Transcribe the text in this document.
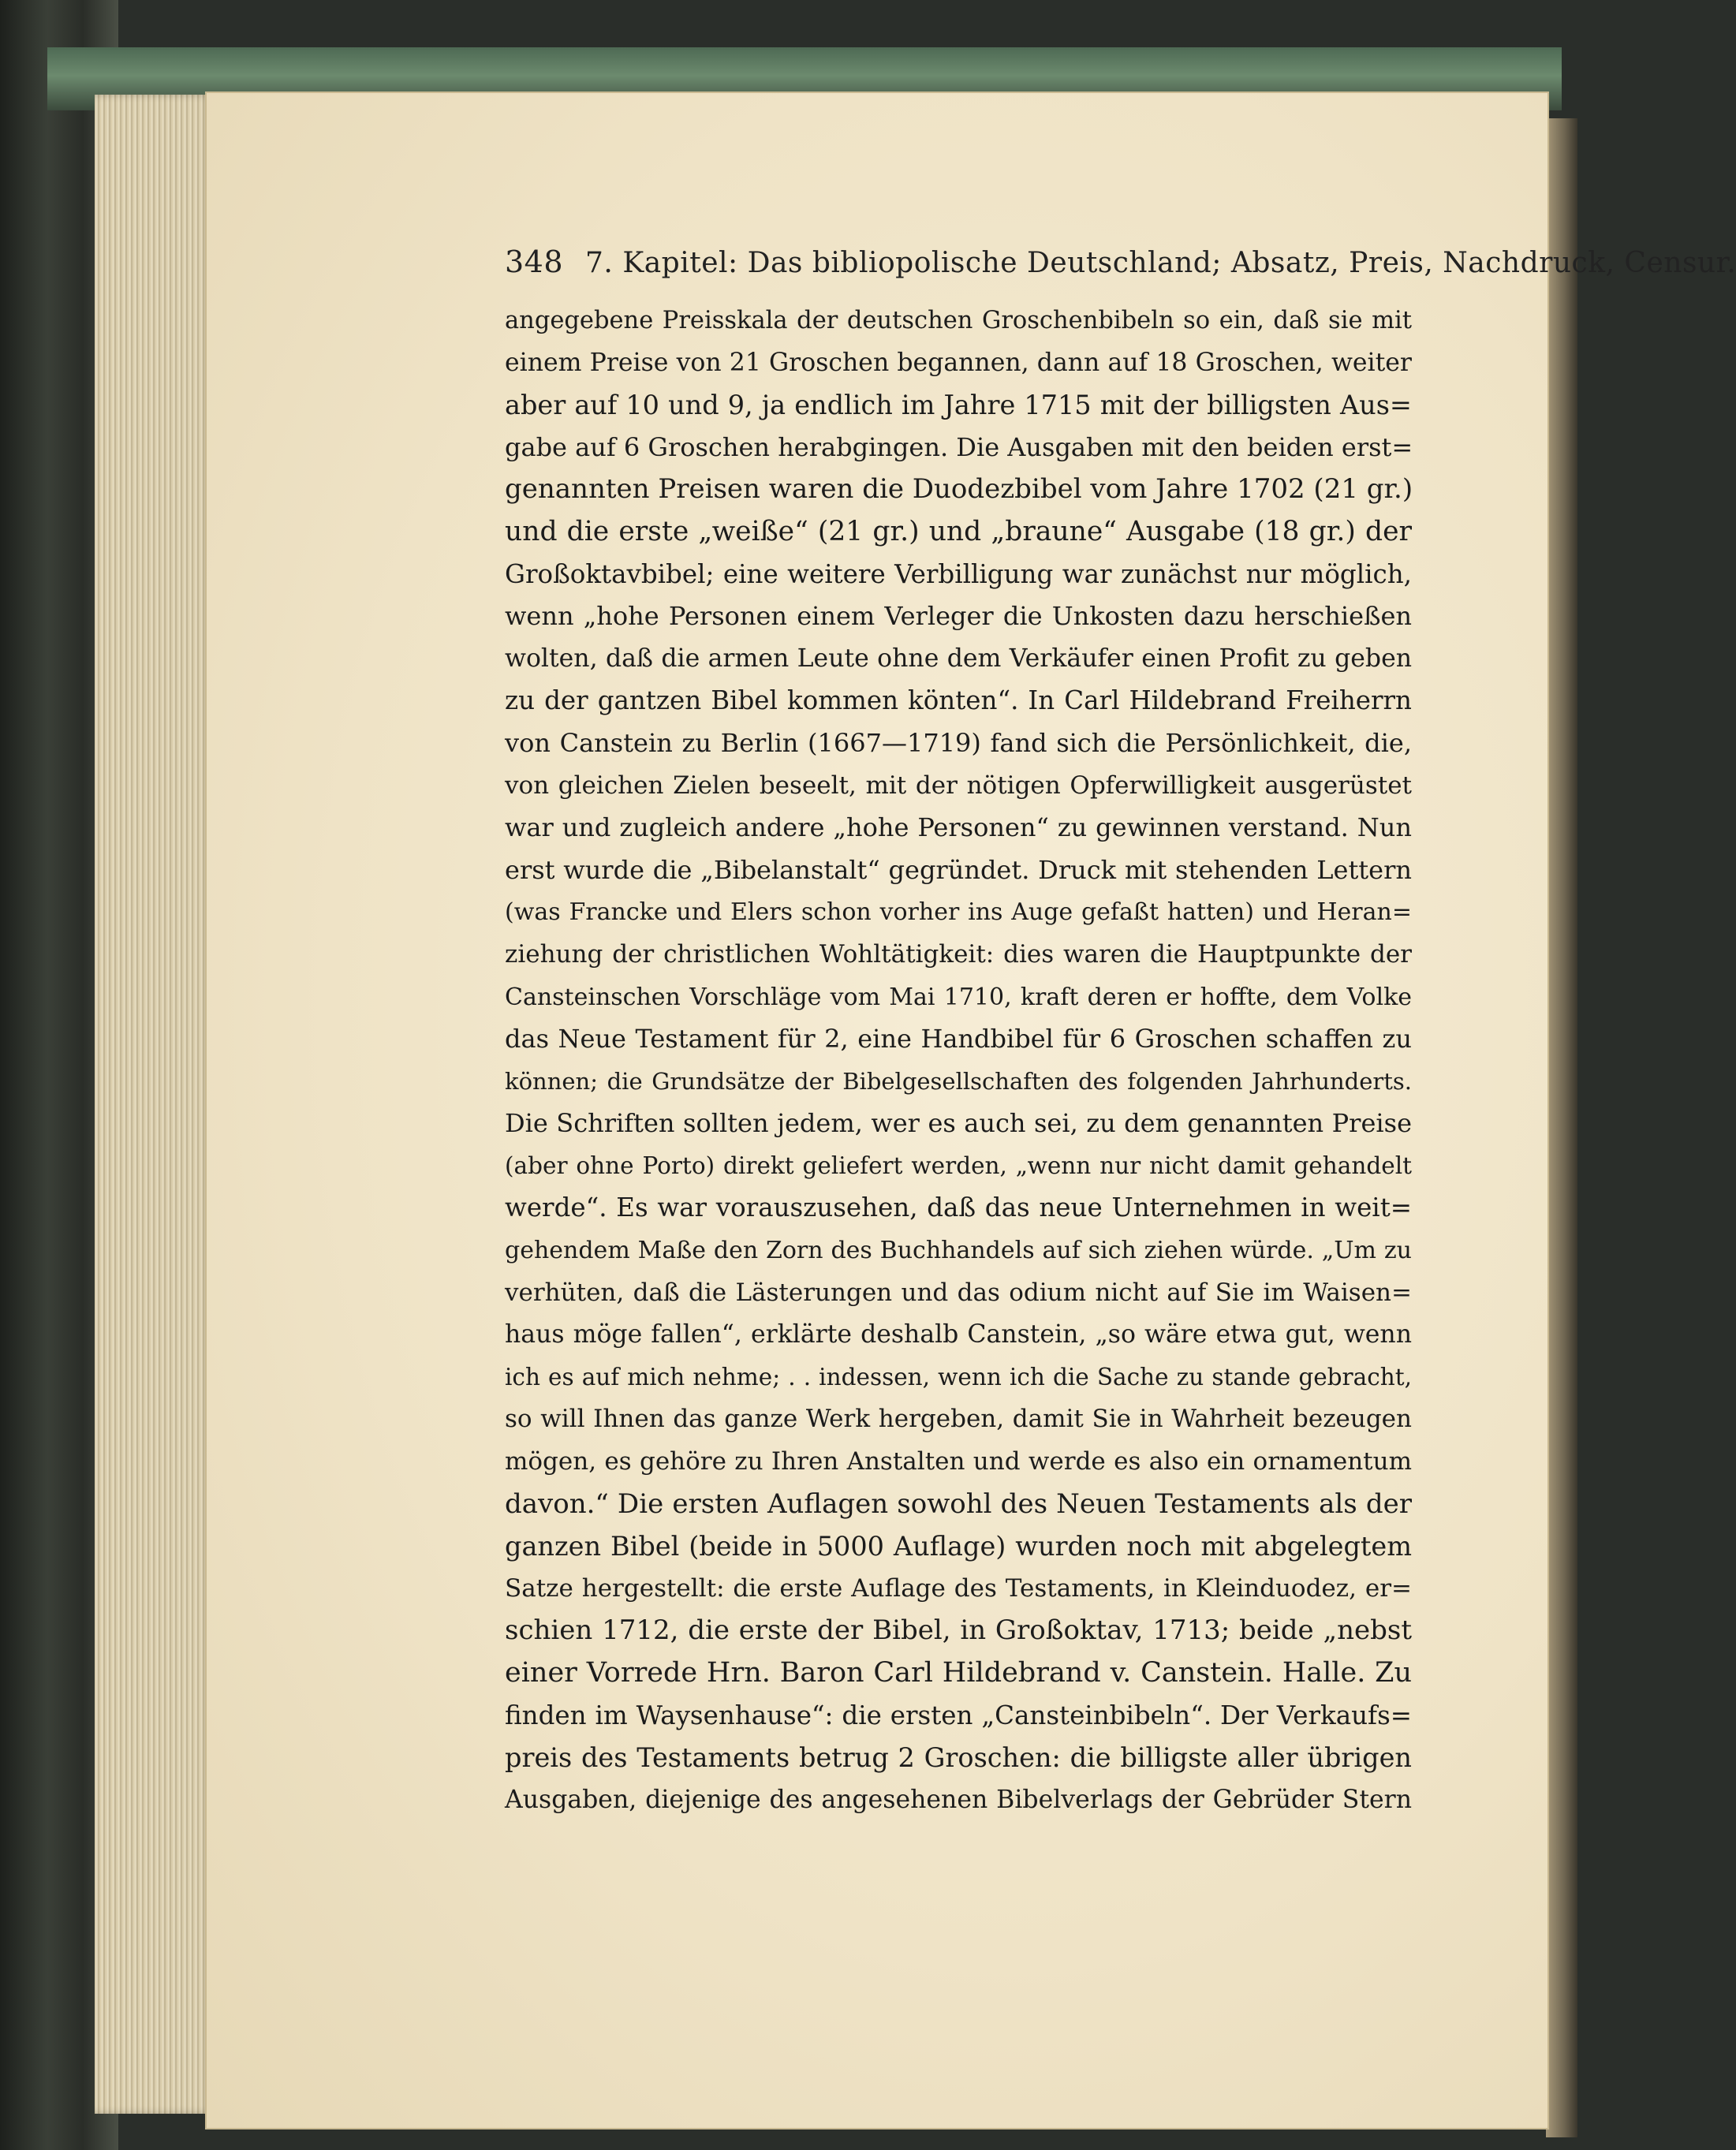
348 7. Kapitel: Das bibliopolische Deutschland; Absatz, Preis, Nachdruck, Censur.
angegebene Preisskala der deutschen Groschenbibeln so ein, daß sie mit
einem Preise von 21 Groschen begannen, dann auf 18 Groschen, weiter
aber auf 10 und 9, ja endlich im Jahre 1715 mit der billigsten Aus=
gabe auf 6 Groschen herabgingen. Die Ausgaben mit den beiden erst=
genannten Preisen waren die Duodezbibel vom Jahre 1702 (21 gr.)
und die erste „weiße“ (21 gr.) und „braune“ Ausgabe (18 gr.) der
Großoktavbibel; eine weitere Verbilligung war zunächst nur möglich,
wenn „hohe Personen einem Verleger die Unkosten dazu herschießen
wolten, daß die armen Leute ohne dem Verkäufer einen Profit zu geben
zu der gantzen Bibel kommen könten“. In Carl Hildebrand Freiherrn
von Canstein zu Berlin (1667—1719) fand sich die Persönlichkeit, die,
von gleichen Zielen beseelt, mit der nötigen Opferwilligkeit ausgerüstet
war und zugleich andere „hohe Personen“ zu gewinnen verstand. Nun
erst wurde die „Bibelanstalt“ gegründet. Druck mit stehenden Lettern
(was Francke und Elers schon vorher ins Auge gefaßt hatten) und Heran=
ziehung der christlichen Wohltätigkeit: dies waren die Hauptpunkte der
Cansteinschen Vorschläge vom Mai 1710, kraft deren er hoffte, dem Volke
das Neue Testament für 2, eine Handbibel für 6 Groschen schaffen zu
können; die Grundsätze der Bibelgesellschaften des folgenden Jahrhunderts.
Die Schriften sollten jedem, wer es auch sei, zu dem genannten Preise
(aber ohne Porto) direkt geliefert werden, „wenn nur nicht damit gehandelt
werde“. Es war vorauszusehen, daß das neue Unternehmen in weit=
gehendem Maße den Zorn des Buchhandels auf sich ziehen würde. „Um zu
verhüten, daß die Lästerungen und das odium nicht auf Sie im Waisen=
haus möge fallen“, erklärte deshalb Canstein, „so wäre etwa gut, wenn
ich es auf mich nehme; . . indessen, wenn ich die Sache zu stande gebracht,
so will Ihnen das ganze Werk hergeben, damit Sie in Wahrheit bezeugen
mögen, es gehöre zu Ihren Anstalten und werde es also ein ornamentum
davon.“ Die ersten Auflagen sowohl des Neuen Testaments als der
ganzen Bibel (beide in 5000 Auflage) wurden noch mit abgelegtem
Satze hergestellt: die erste Auflage des Testaments, in Kleinduodez, er=
schien 1712, die erste der Bibel, in Großoktav, 1713; beide „nebst
einer Vorrede Hrn. Baron Carl Hildebrand v. Canstein. Halle. Zu
finden im Waysenhause“: die ersten „Cansteinbibeln“. Der Verkaufs=
preis des Testaments betrug 2 Groschen: die billigste aller übrigen
Ausgaben, diejenige des angesehenen Bibelverlags der Gebrüder Stern
